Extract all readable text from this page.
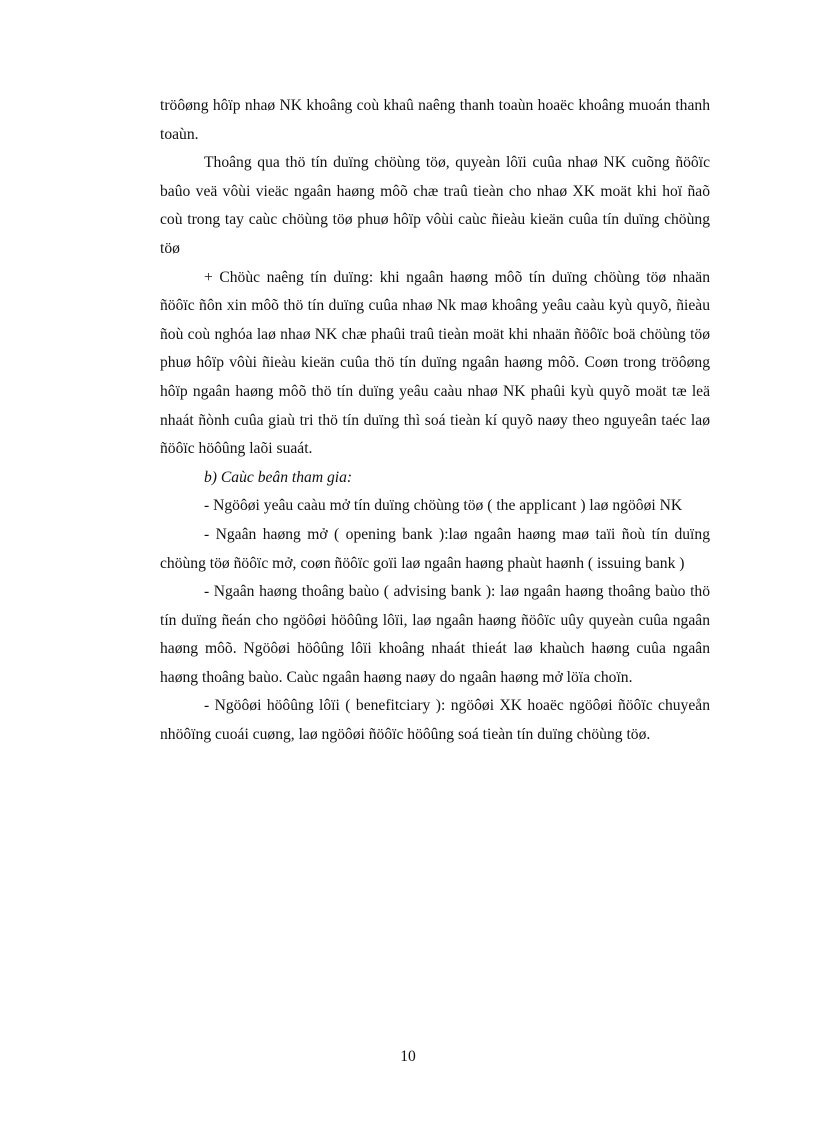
tröôøng hôïp nhaø NK khoâng coù khaû naêng thanh toaùn hoaëc khoâng muoán thanh toaùn.

Thoâng qua thö tín duïng chöùng töø, quyeàn lôïi cuûa nhaø NK cuõng ñöôïc baûo veä vôùi vieäc ngaân haøng môõ chæ traû tieàn cho nhaø XK moät khi hoï ñaõ coù trong tay caùc chöùng töø phuø hôïp vôùi caùc ñieàu kieän cuûa tín duïng chöùng töø

+ Chöùc naêng tín duïng: khi ngaân haøng môõ tín duïng chöùng töø nhaän ñöôïc ñôn xin môõ thö tín duïng cuûa nhaø Nk maø khoâng yeâu caàu kyù quyõ, ñieàu ñoù coù nghóa laø nhaø NK chæ phaûi traû tieàn moät khi nhaän ñöôïc boä chöùng töø phuø hôïp vôùi ñieàu kieän cuûa thö tín duïng ngaân haøng môõ. Coøn trong tröôøng hôïp ngaân haøng môõ thö tín duïng yeâu caàu nhaø NK phaûi kyù quyõ moät tæ leä nhaát ñònh cuûa giaù tri thö tín duïng thì soá tieàn kí quyõ naøy theo nguyeân taéc laø ñöôïc höôûng laõi suaát.

b) Caùc beân tham gia:

- Ngöôøi yeâu caàu mở tín duïng chöùng töø ( the applicant ) laø ngöôøi NK

- Ngaân haøng mở ( opening bank ):laø ngaân haøng maø taïi ñoù tín duïng chöùng töø ñöôïc mở, coøn ñöôïc goïi laø ngaân haøng phaùt haønh ( issuing bank )

- Ngaân haøng thoâng baùo ( advising bank ): laø ngaân haøng thoâng baùo thö tín duïng ñeán cho ngöôøi höôûng lôïi, laø ngaân haøng ñöôïc uûy quyeàn cuûa ngaân haøng môõ. Ngöôøi höôûng lôïi khoâng nhaát thieát laø khaùch haøng cuûa ngaân haøng thoâng baùo. Caùc ngaân haøng naøy do ngaân haøng mở löïa choïn.

- Ngöôøi höôûng lôïi ( benefitciary ): ngöôøi XK hoaëc ngöôøi ñöôïc chuyeån nhöôïng cuoái cuøng, laø ngöôøi ñöôïc höôûng soá tieàn tín duïng chöùng töø.

10
